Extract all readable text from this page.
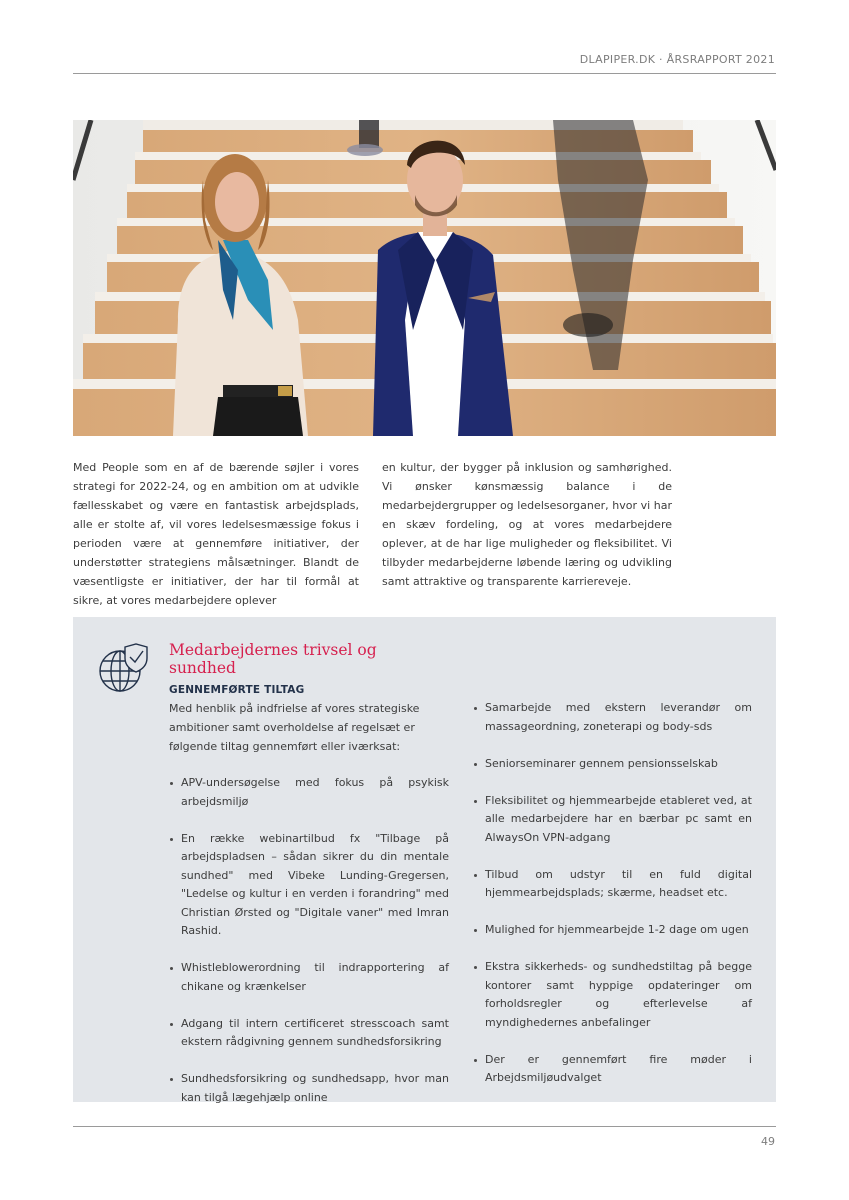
DLAPIPER.DK · ÅRSRAPPORT 2021

Med People som en af de bærende søjler i vores strategi for 2022-24, og en ambition om at udvikle fællesskabet og være en fantastisk arbejdsplads, alle er stolte af, vil vores ledelsesmæssige fokus i perioden være at gennemføre initiativer, der understøtter strategiens målsætninger. Blandt de væsentligste er initiativer, der har til formål at sikre, at vores medarbejdere oplever

en kultur, der bygger på inklusion og samhørighed. Vi ønsker kønsmæssig balance i de medarbejdergrupper og ledelsesorganer, hvor vi har en skæv fordeling, og at vores medarbejdere oplever, at de har lige muligheder og fleksibilitet. Vi tilbyder medarbejderne løbende læring og udvikling samt attraktive og transparente karriereveje.

Medarbejdernes trivsel og sundhed
GENNEMFØRTE TILTAG

Med henblik på indfrielse af vores strategiske ambitioner samt overholdelse af regelsæt er følgende tiltag gennemført eller iværksat:

APV-undersøgelse med fokus på psykisk arbejdsmiljø
En række webinartilbud fx "Tilbage på arbejdspladsen – sådan sikrer du din mentale sundhed" med Vibeke Lunding-Gregersen, "Ledelse og kultur i en verden i forandring" med Christian Ørsted og "Digitale vaner" med Imran Rashid.
Whistleblowerordning til indrapportering af chikane og krænkelser
Adgang til intern certificeret stresscoach samt ekstern rådgivning gennem sundhedsforsikring
Sundhedsforsikring og sundhedsapp, hvor man kan tilgå lægehjælp online
Samarbejde med ekstern leverandør om massageordning, zoneterapi og body-sds
Seniorseminarer gennem pensionsselskab
Fleksibilitet og hjemmearbejde etableret ved, at alle medarbejdere har en bærbar pc samt en AlwaysOn VPN-adgang
Tilbud om udstyr til en fuld digital hjemmearbejdsplads; skærme, headset etc.
Mulighed for hjemmearbejde 1-2 dage om ugen
Ekstra sikkerheds- og sundhedstiltag på begge kontorer samt hyppige opdateringer om forholdsregler og efterlevelse af myndighedernes anbefalinger
Der er gennemført fire møder i Arbejdsmiljøudvalget
49
